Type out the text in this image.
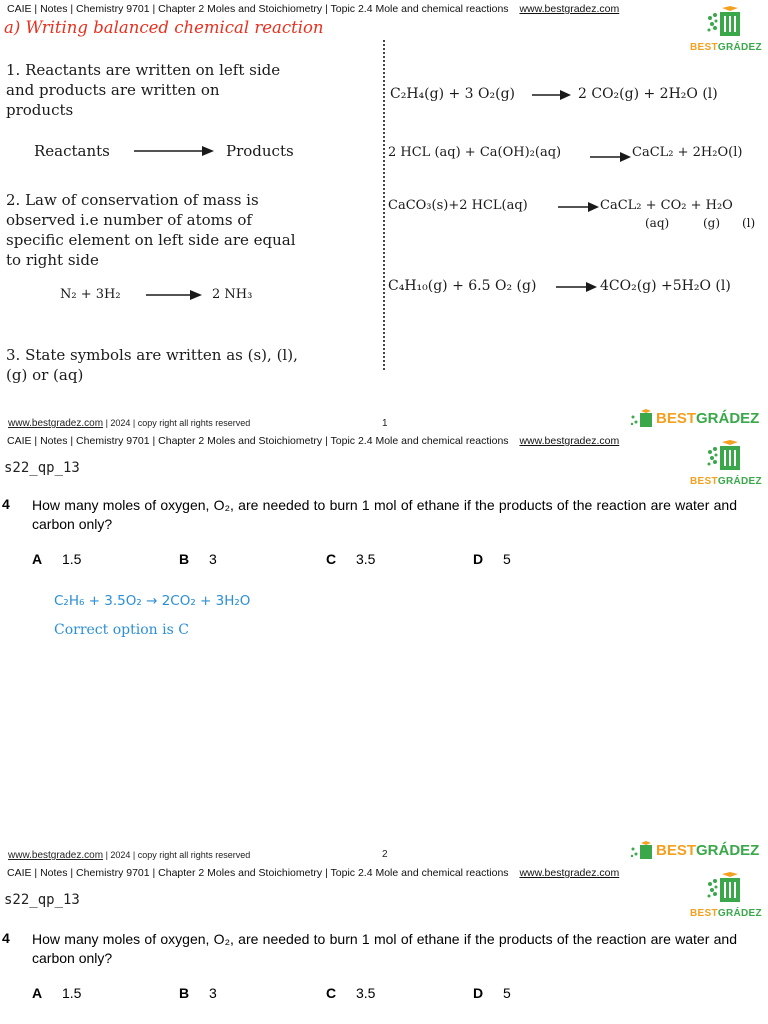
CAIE | Notes | Chemistry 9701 | Chapter 2 Moles and Stoichiometry | Topic 2.4 Mole and chemical reactions www.bestgradez.com
BESTGRÁDEZ
a) Writing balanced chemical reaction
1. Reactants are written on left side
and products are written on
products
Reactants	Products
2. Law of conservation of mass is
observed i.e number of atoms of
specific element on left side are equal
to right side
N₂ + 3H₂	2 NH₃
3. State symbols are written as (s), (l),
(g) or (aq)
C₂H₄(g) + 3 O₂(g)	2 CO₂(g) + 2H₂O (l)
2 HCL (aq) + Ca(OH)₂(aq)	CaCL₂ + 2H₂O(l)
CaCO₃(s)+2 HCL(aq)	CaCL₂ + CO₂ + H₂O
(aq)	(g) (l)
C₄H₁₀(g) + 6.5 O₂ (g)	4CO₂(g) +5H₂O (l)
www.bestgradez.com | 2024 | copy right all rights reserved	1	BESTGRÁDEZ
CAIE | Notes | Chemistry 9701 | Chapter 2 Moles and Stoichiometry | Topic 2.4 Mole and chemical reactions www.bestgradez.com
BESTGRÁDEZ
s22_qp_13
4 How many moles of oxygen, O₂, are needed to burn 1 mol of ethane if the products of the reaction are water and carbon only?
A 1.5	B 3	C 3.5	D 5
C₂H₆ + 3.5O₂ → 2CO₂ + 3H₂O
Correct option is C
www.bestgradez.com | 2024 | copy right all rights reserved	2	BESTGRÁDEZ
CAIE | Notes | Chemistry 9701 | Chapter 2 Moles and Stoichiometry | Topic 2.4 Mole and chemical reactions www.bestgradez.com
BESTGRÁDEZ
s22_qp_13
4 How many moles of oxygen, O₂, are needed to burn 1 mol of ethane if the products of the reaction are water and carbon only?
A 1.5	B 3	C 3.5	D 5
